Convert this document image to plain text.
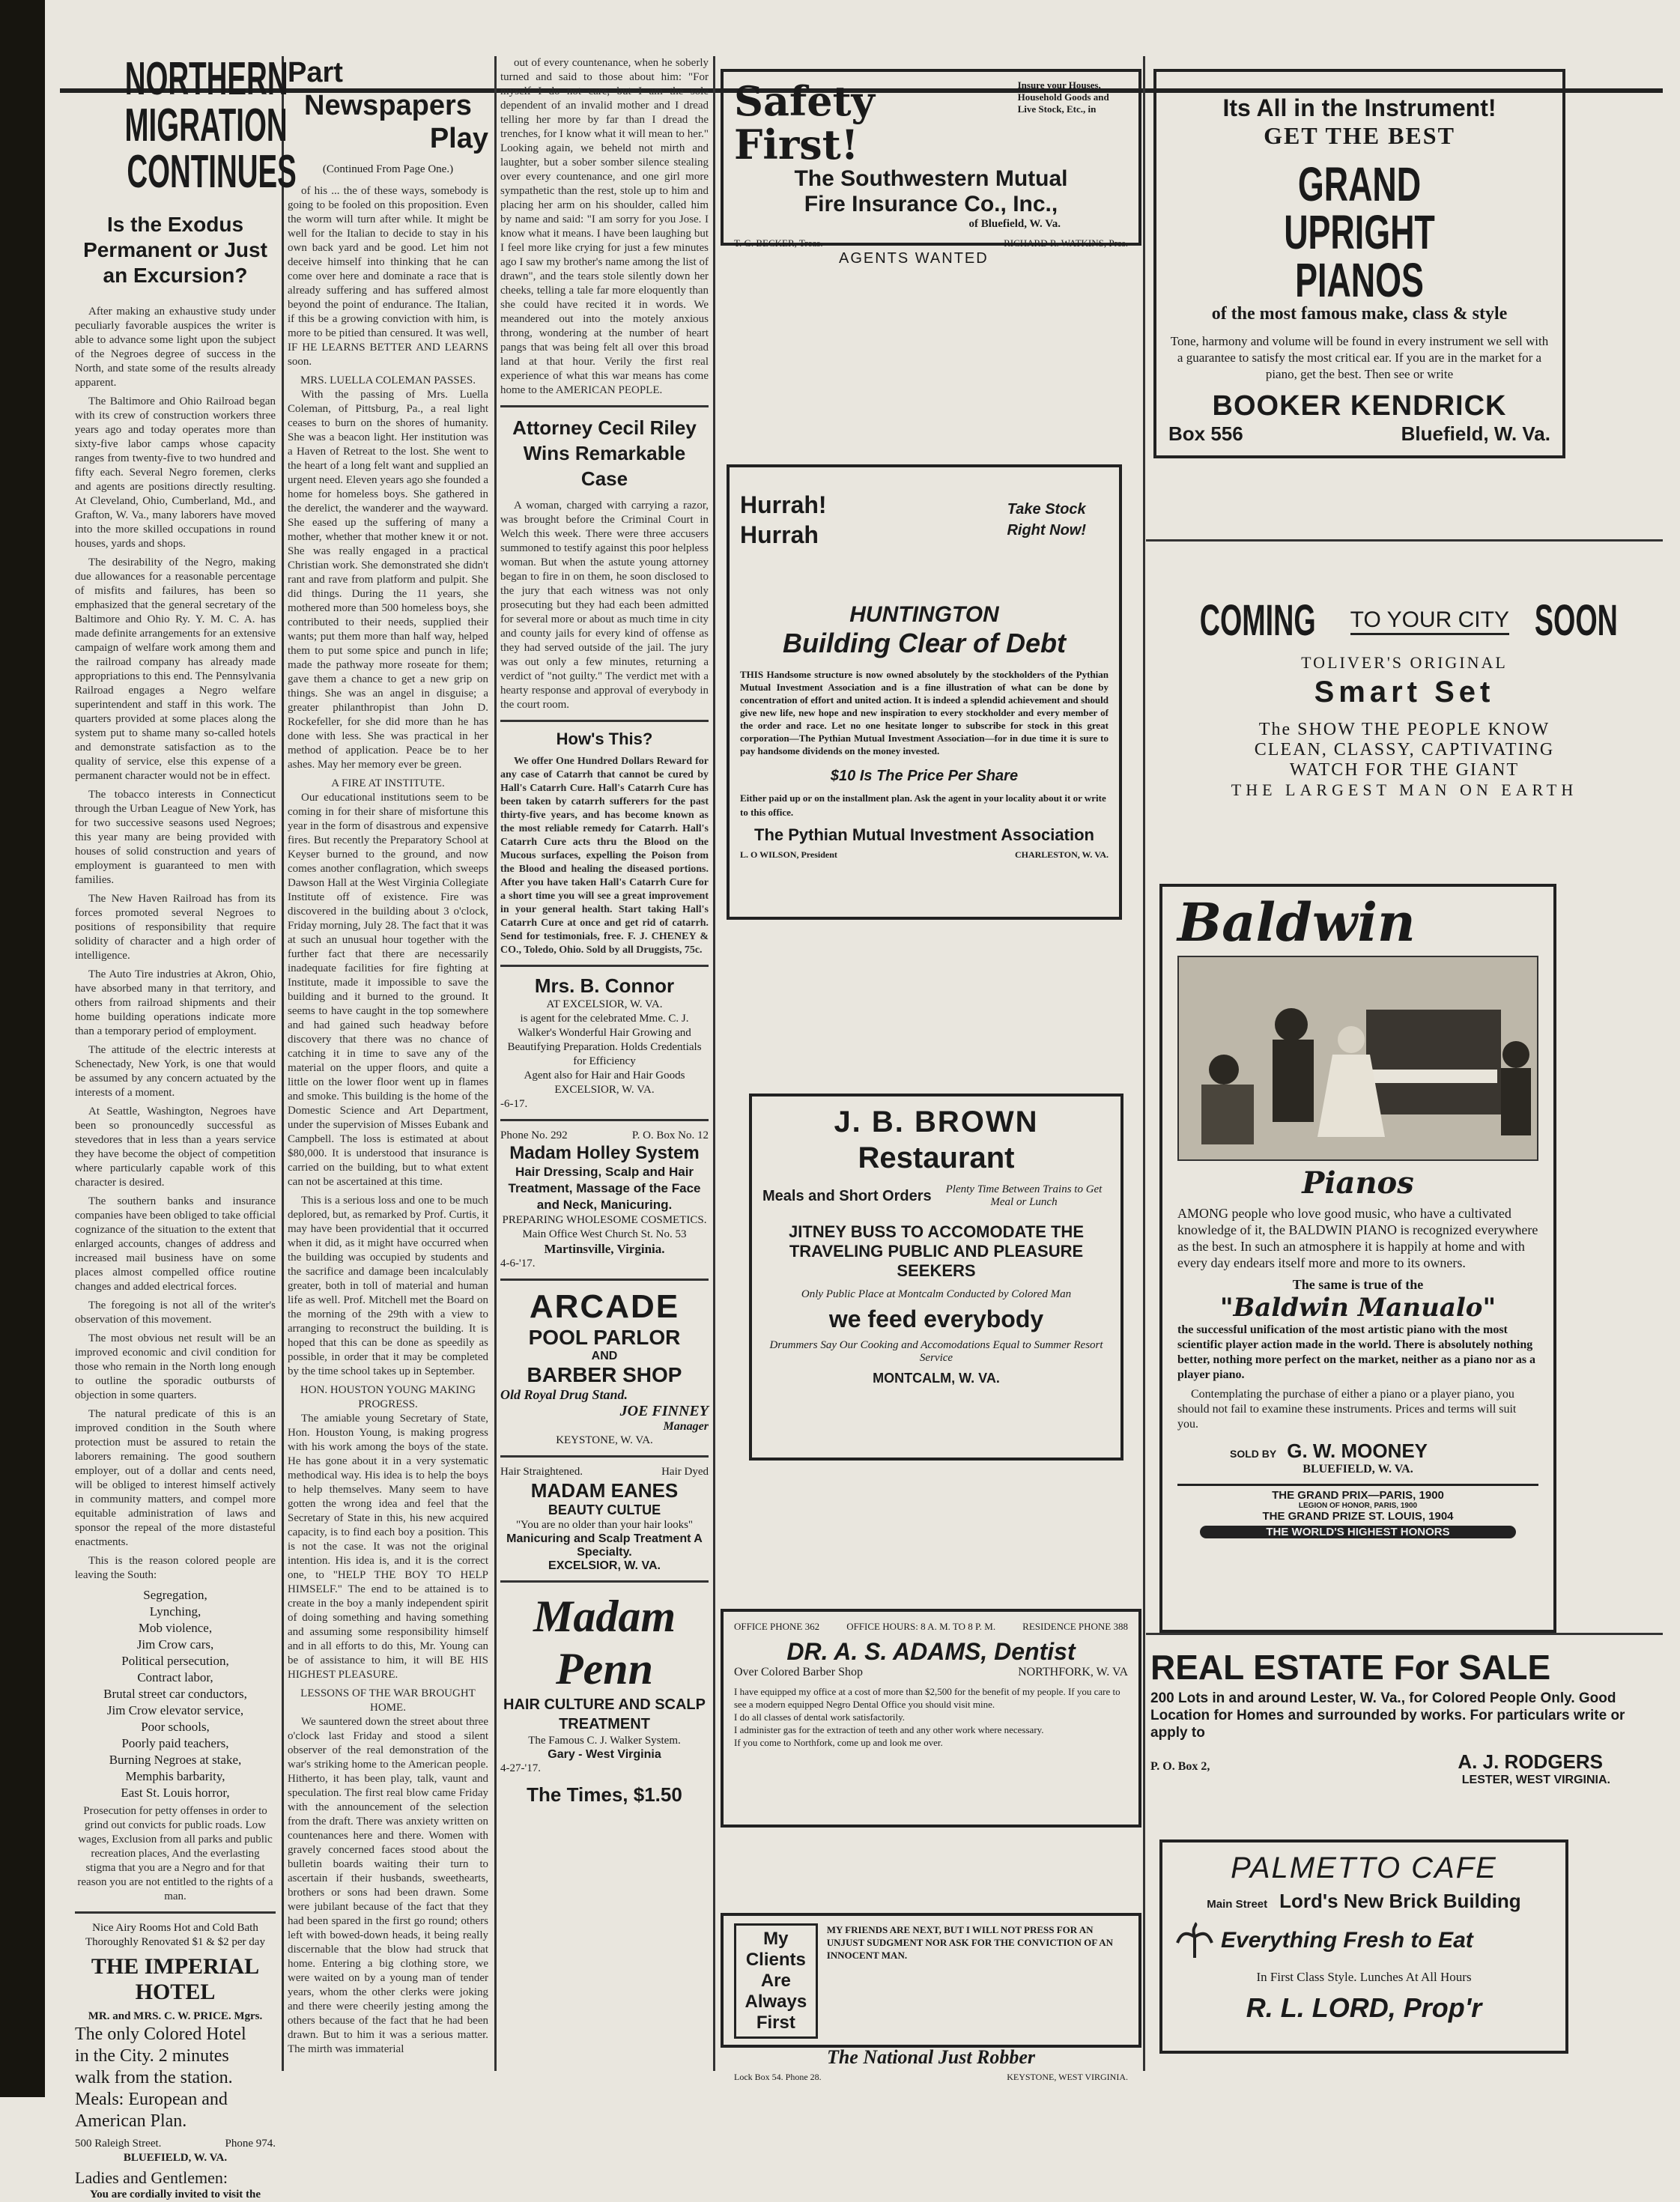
NORTHERN
MIGRATION
CONTINUES
Is the Exodus Permanent or Just an Excursion?

After making an exhaustive study under peculiarly favorable auspices the writer is able to advance some light upon the subject of the Negroes degree of success in the North, and state some of the results already apparent.

The Baltimore and Ohio Railroad began with its crew of construction workers three years ago and today operates more than sixty-five labor camps whose capacity ranges from twenty-five to two hundred and fifty each. Several Negro foremen, clerks and agents are positions directly resulting. At Cleveland, Ohio, Cumberland, Md., and Grafton, W. Va., many laborers have moved into the more skilled occupations in round houses, yards and shops.

The desirability of the Negro, making due allowances for a reasonable percentage of misfits and failures, has been so emphasized that the general secretary of the Baltimore and Ohio Ry. Y. M. C. A. has made definite arrangements for an extensive campaign of welfare work among them and the railroad company has already made appropriations to this end. The Pennsylvania Railroad engages a Negro welfare superintendent and staff in this work. The quarters provided at some places along the system put to shame many so-called hotels and demonstrate satisfaction as to the quality of service, else this expense of a permanent character would not be in effect.

The tobacco interests in Connecticut through the Urban League of New York, has for two successive seasons used Negroes; this year many are being provided with houses of solid construction and years of employment is guaranteed to men with families.

The New Haven Railroad has from its forces promoted several Negroes to positions of responsibility that require solidity of character and a high order of intelligence.

The Auto Tire industries at Akron, Ohio, have absorbed many in that territory, and others from railroad shipments and their home building operations indicate more than a temporary period of employment.

The attitude of the electric interests at Schenectady, New York, is one that would be assumed by any concern actuated by the interests of a moment.

At Seattle, Washington, Negroes have been so pronouncedly successful as stevedores that in less than a years service they have become the object of competition where particularly capable work of this character is desired.

The southern banks and insurance companies have been obliged to take official cognizance of the situation to the extent that enlarged accounts, changes of address and increased mail business have on some places almost compelled office routine changes and added electrical forces.

The foregoing is not all of the writer's observation of this movement.

The most obvious net result will be an improved economic and civil condition for those who remain in the North long enough to outline the sporadic outbursts of objection in some quarters.

The natural predicate of this is an improved condition in the South where protection must be assured to retain the laborers remaining. The good southern employer, out of a dollar and cents need, will be obliged to interest himself actively in community matters, and compel more equitable administration of laws and sponsor the repeal of the more distasteful enactments.

This is the reason colored people are leaving the South:

Segregation,
Lynching,
Mob violence,
Jim Crow cars,
Political persecution,
Contract labor,
Brutal street car conductors,
Jim Crow elevator service,
Poor schools,
Poorly paid teachers,
Burning Negroes at stake,
Memphis barbarity,
East St. Louis horror,
Prosecution for petty offenses in order to grind out convicts for public roads. Low wages, Exclusion from all parks and public recreation places, And the everlasting stigma that you are a Negro and for that reason you are not entitled to the rights of a man.
Nice Airy Rooms Hot and Cold Bath Thoroughly Renovated $1 & $2 per day
THE IMPERIAL HOTEL
MR. and MRS. C. W. PRICE. Mgrs.
The only Colored Hotel
in the City. 2 minutes
walk from the station.
Meals: European and
American Plan.
500 Raleigh Street.	Phone 974.
BLUEFIELD, W. VA.
Ladies and Gentlemen:
You are cordially invited to visit the
Part
Newspapers
Play
(Continued From Page One.)

of his ... the of these ways, somebody is going to be fooled on this proposition. Even the worm will turn after while. It might be well for the Italian to decide to stay in his own back yard and be good. Let him not deceive himself into thinking that he can come over here and dominate a race that is already suffering and has suffered almost beyond the point of endurance. The Italian, if this be a growing conviction with him, is more to be pitied than censured. It was well, IF HE LEARNS BETTER AND LEARNS soon.

MRS. LUELLA COLEMAN PASSES.

With the passing of Mrs. Luella Coleman, of Pittsburg, Pa., a real light ceases to burn on the shores of humanity. She was a beacon light. Her institution was a Haven of Retreat to the lost. She went to the heart of a long felt want and supplied an urgent need. Eleven years ago she founded a home for homeless boys. She gathered in the derelict, the wanderer and the wayward. She eased up the suffering of many a mother, whether that mother knew it or not. She was really engaged in a practical Christian work. She demonstrated she didn't rant and rave from platform and pulpit. She did things. During the 11 years, she mothered more than 500 homeless boys, she contributed to their needs, supplied their wants; put them more than half way, helped them to put some spice and punch in life; made the pathway more roseate for them; gave them a chance to get a new grip on things. She was an angel in disguise; a greater philanthropist than John D. Rockefeller, for she did more than he has done with less. She was practical in her method of application. Peace be to her ashes. May her memory ever be green.

A FIRE AT INSTITUTE.

Our educational institutions seem to be coming in for their share of misfortune this year in the form of disastrous and expensive fires. But recently the Preparatory School at Keyser burned to the ground, and now comes another conflagration, which sweeps Dawson Hall at the West Virginia Collegiate Institute off of existence. Fire was discovered in the building about 3 o'clock, Friday morning, July 28. The fact that it was at such an unusual hour together with the further fact that there are necessarily inadequate facilities for fire fighting at Institute, made it impossible to save the building and it burned to the ground. It seems to have caught in the top somewhere and had gained such headway before discovery that there was no chance of catching it in time to save any of the material on the upper floors, and quite a little on the lower floor went up in flames and smoke. This building is the home of the Domestic Science and Art Department, under the supervision of Misses Eubank and Campbell. The loss is estimated at about $80,000. It is understood that insurance is carried on the building, but to what extent can not be ascertained at this time.

This is a serious loss and one to be much deplored, but, as remarked by Prof. Curtis, it may have been providential that it occurred when it did, as it might have occurred when the building was occupied by students and the sacrifice and damage been incalculably greater, both in toll of material and human life as well. Prof. Mitchell met the Board on the morning of the 29th with a view to arranging to reconstruct the building. It is hoped that this can be done as speedily as possible, in order that it may be completed by the time school takes up in September.

HON. HOUSTON YOUNG MAKING PROGRESS.

The amiable young Secretary of State, Hon. Houston Young, is making progress with his work among the boys of the state. He has gone about it in a very systematic methodical way. His idea is to help the boys to help themselves. Many seem to have gotten the wrong idea and feel that the Secretary of State in this, his new acquired capacity, is to find each boy a position. This is not the case. It was not the original intention. His idea is, and it is the correct one, to "HELP THE BOY TO HELP HIMSELF." The end to be attained is to create in the boy a manly independent spirit of doing something and having something and assuming some responsibility himself and in all efforts to do this, Mr. Young can be of assistance to him, it will BE HIS HIGHEST PLEASURE.

LESSONS OF THE WAR BROUGHT HOME.

We sauntered down the street about three o'clock last Friday and stood a silent observer of the real demonstration of the war's striking home to the American people. Hitherto, it has been play, talk, vaunt and speculation. The first real blow came Friday with the announcement of the selection from the draft. There was anxiety written on countenances here and there. Women with gravely concerned faces stood about the bulletin boards waiting their turn to ascertain if their husbands, sweethearts, brothers or sons had been drawn. Some were jubilant because of the fact that they had been spared in the first go round; others left with bowed-down heads, it being really discernable that the blow had struck that home. Entering a big clothing store, we were waited on by a young man of tender years, whom the other clerks were joking and there were cheerily jesting among the others because of the fact that he had been drawn. But to him it was a serious matter. The mirth was immaterial

out of every countenance, when he soberly turned and said to those about him: "For myself I do not care, but I am the sole dependent of an invalid mother and I dread telling her more by far than I dread the trenches, for I know what it will mean to her." Looking again, we beheld not mirth and laughter, but a sober somber silence stealing over every countenance, and one girl more sympathetic than the rest, stole up to him and placing her arm on his shoulder, called him by name and said: "I am sorry for you Jose. I know what it means. I have been laughing but I feel more like crying for just a few minutes ago I saw my brother's name among the list of drawn", and the tears stole silently down her cheeks, telling a tale far more eloquently than she could have recited it in words. We meandered out into the motely anxious throng, wondering at the number of heart pangs that was being felt all over this broad land at that hour. Verily the first real experience of what this war means has come home to the AMERICAN PEOPLE.

Attorney Cecil Riley
Wins Remarkable
Case

A woman, charged with carrying a razor, was brought before the Criminal Court in Welch this week. There were three accusers summoned to testify against this poor helpless woman. But when the astute young attorney began to fire in on them, he soon disclosed to the jury that each witness was not only prosecuting but they had each been admitted for several more or about as much time in city and county jails for every kind of offense as they had served outside of the jail. The jury was out only a few minutes, returning a verdict of "not guilty." The verdict met with a hearty response and approval of everybody in the court room.

How's This?

We offer One Hundred Dollars Reward for any case of Catarrh that cannot be cured by Hall's Catarrh Cure. Hall's Catarrh Cure has been taken by catarrh sufferers for the past thirty-five years, and has become known as the most reliable remedy for Catarrh. Hall's Catarrh Cure acts thru the Blood on the Mucous surfaces, expelling the Poison from the Blood and healing the diseased portions. After you have taken Hall's Catarrh Cure for a short time you will see a great improvement in your general health. Start taking Hall's Catarrh Cure at once and get rid of catarrh. Send for testimonials, free. F. J. CHENEY & CO., Toledo, Ohio. Sold by all Druggists, 75c.

Mrs. B. Connor
AT EXCELSIOR, W. VA.
is agent for the celebrated Mme. C. J. Walker's Wonderful Hair Growing and Beautifying Preparation. Holds Credentials for Efficiency
Agent also for Hair and Hair Goods
EXCELSIOR, W. VA.
-6-17.
Phone No. 292	P. O. Box No. 12
Madam Holley System
Hair Dressing, Scalp and Hair Treatment, Massage of the Face and Neck, Manicuring.
PREPARING WHOLESOME COSMETICS.
Main Office West Church St. No. 53
Martinsville, Virginia.
4-6-'17.
ARCADE
POOL PARLOR
AND
BARBER SHOP
Old Royal Drug Stand.
JOE FINNEY
Manager
KEYSTONE, W. VA.
Hair Straightened.	Hair Dyed
MADAM EANES
BEAUTY CULTUE
"You are no older than your hair looks"
Manicuring and Scalp Treatment A Specialty.
EXCELSIOR, W. VA.
Madam
Penn
HAIR CULTURE AND SCALP TREATMENT
The Famous C. J. Walker System.
Gary - West Virginia
4-27-'17.
The Times, $1.50
Safety First!
Insure your Houses, Household Goods and Live Stock, Etc., in
The Southwestern Mutual
Fire Insurance Co., Inc.,
of Bluefield, W. Va.
T. G. BECKER, Treas.	RICHARD R. WATKINS, Pres.
AGENTS WANTED
Hurrah!
Hurrah
Take Stock
Right Now!
HUNTINGTON
Building Clear of Debt
THIS Handsome structure is now owned absolutely by the stockholders of the Pythian Mutual Investment Association and is a fine illustration of what can be done by concentration of effort and united action. It is indeed a splendid achievement and should give new life, new hope and new inspiration to every stockholder and every member of the order and race. Let no one hesitate longer to subscribe for stock in this great corporation—The Pythian Mutual Investment Association—for in due time it is sure to pay handsome dividends on the money invested.
$10 Is The Price Per Share
Either paid up or on the installment plan. Ask the agent in your locality about it or write to this office.
The Pythian Mutual Investment Association
L. O WILSON, President	CHARLESTON, W. VA.
J. B. BROWN
Restaurant
Meals and Short Orders	Plenty Time Between Trains to Get Meal or Lunch
JITNEY BUSS TO ACCOMODATE THE TRAVELING PUBLIC AND PLEASURE SEEKERS
Only Public Place at Montcalm Conducted by Colored Man
we feed everybody
Drummers Say Our Cooking and Accomodations Equal to Summer Resort Service
MONTCALM, W. VA.
OFFICE PHONE 362	OFFICE HOURS: 8 A. M. TO 8 P. M.	RESIDENCE PHONE 388
DR. A. S. ADAMS, Dentist
Over Colored Barber Shop	NORTHFORK, W. VA
I have equipped my office at a cost of more than $2,500 for the benefit of my people. If you care to see a modern equipped Negro Dental Office you should visit mine.
I do all classes of dental work satisfactorily.
I administer gas for the extraction of teeth and any other work where necessary.
If you come to Northfork, come up and look me over.
My Clients Are
Always First
MY FRIENDS ARE NEXT, BUT I WILL NOT PRESS FOR AN UNJUST SUDGMENT NOR ASK FOR THE CONVICTION OF AN INNOCENT MAN.
The National Just Robber
Lock Box 54. Phone 28.	KEYSTONE, WEST VIRGINIA.
Its All in the Instrument!
GET THE BEST
GRAND UPRIGHT PIANOS
of the most famous make, class & style
Tone, harmony and volume will be found in every instrument we sell with a guarantee to satisfy the most critical ear. If you are in the market for a piano, get the best. Then see or write
BOOKER KENDRICK
Box 556	Bluefield, W. Va.
COMING	TO YOUR CITY SOON
TOLIVER'S ORIGINAL
Smart Set
The SHOW THE PEOPLE KNOW
CLEAN, CLASSY, CAPTIVATING
WATCH FOR THE GIANT
THE LARGEST MAN ON EARTH
Baldwin
Pianos
AMONG people who love good music, who have a cultivated knowledge of it, the BALDWIN PIANO is recognized everywhere as the best. In such an atmosphere it is happily at home and with every day endears itself more and more to its owners.
The same is true of the
"Baldwin Manualo"
the successful unification of the most artistic piano with the most scientific player action made in the world. There is absolutely nothing better, nothing more perfect on the market, neither as a piano nor as a player piano.
Contemplating the purchase of either a piano or a player piano, you should not fail to examine these instruments. Prices and terms will suit you.
SOLD BY G. W. MOONEY
BLUEFIELD, W. VA.
THE GRAND PRIX—PARIS, 1900
LEGION OF HONOR, PARIS, 1900
THE GRAND PRIZE ST. LOUIS, 1904
THE WORLD'S HIGHEST HONORS
REAL ESTATE For SALE
200 Lots in and around Lester, W. Va., for Colored People Only. Good Location for Homes and surrounded by works. For particulars write or apply to
P. O. Box 2,	A. J. RODGERS
LESTER, WEST VIRGINIA.
PALMETTO CAFE
Main Street Lord's New Brick Building
Everything Fresh to Eat
In First Class Style. Lunches At All Hours
R. L. LORD, Prop'r
